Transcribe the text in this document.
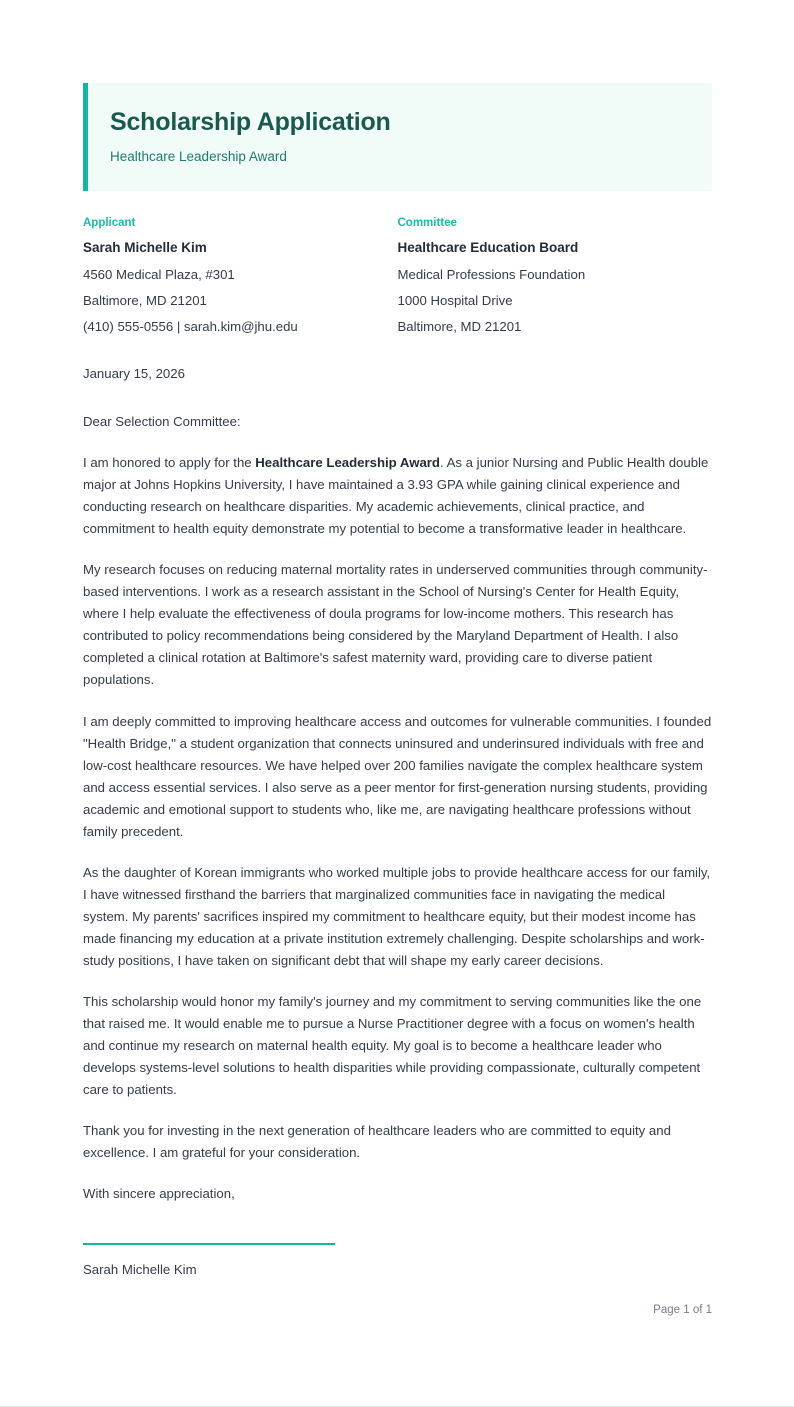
Scholarship Application
Healthcare Leadership Award
Applicant
Sarah Michelle Kim
4560 Medical Plaza, #301
Baltimore, MD 21201
(410) 555-0556 | sarah.kim@jhu.edu
Committee
Healthcare Education Board
Medical Professions Foundation
1000 Hospital Drive
Baltimore, MD 21201
January 15, 2026
Dear Selection Committee:

I am honored to apply for the Healthcare Leadership Award. As a junior Nursing and Public Health double major at Johns Hopkins University, I have maintained a 3.93 GPA while gaining clinical experience and conducting research on healthcare disparities. My academic achievements, clinical practice, and commitment to health equity demonstrate my potential to become a transformative leader in healthcare.

My research focuses on reducing maternal mortality rates in underserved communities through community-based interventions. I work as a research assistant in the School of Nursing's Center for Health Equity, where I help evaluate the effectiveness of doula programs for low-income mothers. This research has contributed to policy recommendations being considered by the Maryland Department of Health. I also completed a clinical rotation at Baltimore's safest maternity ward, providing care to diverse patient populations.

I am deeply committed to improving healthcare access and outcomes for vulnerable communities. I founded "Health Bridge," a student organization that connects uninsured and underinsured individuals with free and low-cost healthcare resources. We have helped over 200 families navigate the complex healthcare system and access essential services. I also serve as a peer mentor for first-generation nursing students, providing academic and emotional support to students who, like me, are navigating healthcare professions without family precedent.

As the daughter of Korean immigrants who worked multiple jobs to provide healthcare access for our family, I have witnessed firsthand the barriers that marginalized communities face in navigating the medical system. My parents' sacrifices inspired my commitment to healthcare equity, but their modest income has made financing my education at a private institution extremely challenging. Despite scholarships and work-study positions, I have taken on significant debt that will shape my early career decisions.

This scholarship would honor my family's journey and my commitment to serving communities like the one that raised me. It would enable me to pursue a Nurse Practitioner degree with a focus on women's health and continue my research on maternal health equity. My goal is to become a healthcare leader who develops systems-level solutions to health disparities while providing compassionate, culturally competent care to patients.

Thank you for investing in the next generation of healthcare leaders who are committed to equity and excellence. I am grateful for your consideration.

With sincere appreciation,
Sarah Michelle Kim
Page 1 of 1
